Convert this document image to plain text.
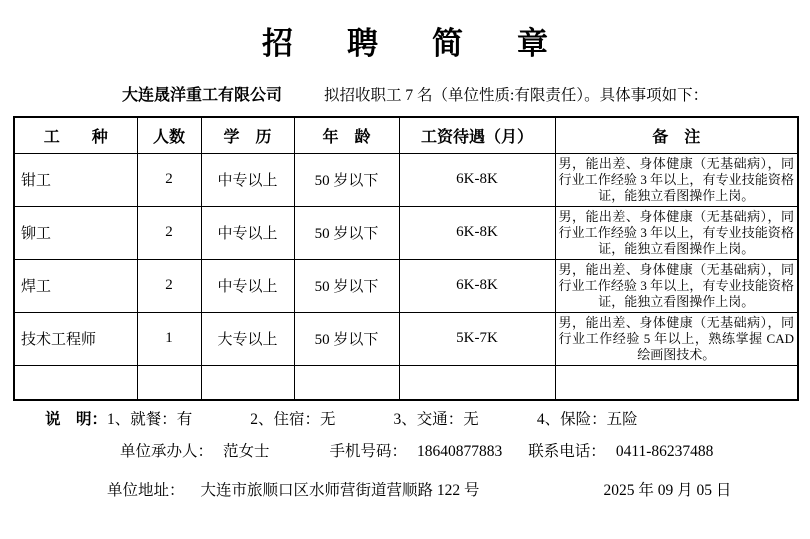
招聘简章
大连晟洋重工有限公司	拟招收职工 7 名（单位性质:有限责任）。具体事项如下：
工　　种	人数	学　历	年　龄	工资待遇（月）	备　注
钳工	2	中专以上	50 岁以下	6K-8K	男，能出差、身体健康（无基础病），同行业工作经验 3 年以上，有专业技能资格证，能独立看图操作上岗。
铆工	2	中专以上	50 岁以下	6K-8K	男，能出差、身体健康（无基础病），同行业工作经验 3 年以上，有专业技能资格证，能独立看图操作上岗。
焊工	2	中专以上	50 岁以下	6K-8K	男，能出差、身体健康（无基础病），同行业工作经验 3 年以上，有专业技能资格证，能独立看图操作上岗。
技术工程师	1	大专以上	50 岁以下	5K-7K	男，能出差、身体健康（无基础病），同行业工作经验 5 年以上，熟练掌握 CAD 绘画图技术。

说　明：1、就餐：有	2、住宿：无	3、交通：无	4、保险：五险
单位承办人： 范女士	手机号码： 18640877883 联系电话： 0411-86237488
单位地址： 大连市旅顺口区水师营街道营顺路 122 号	2025 年 09 月 05 日
